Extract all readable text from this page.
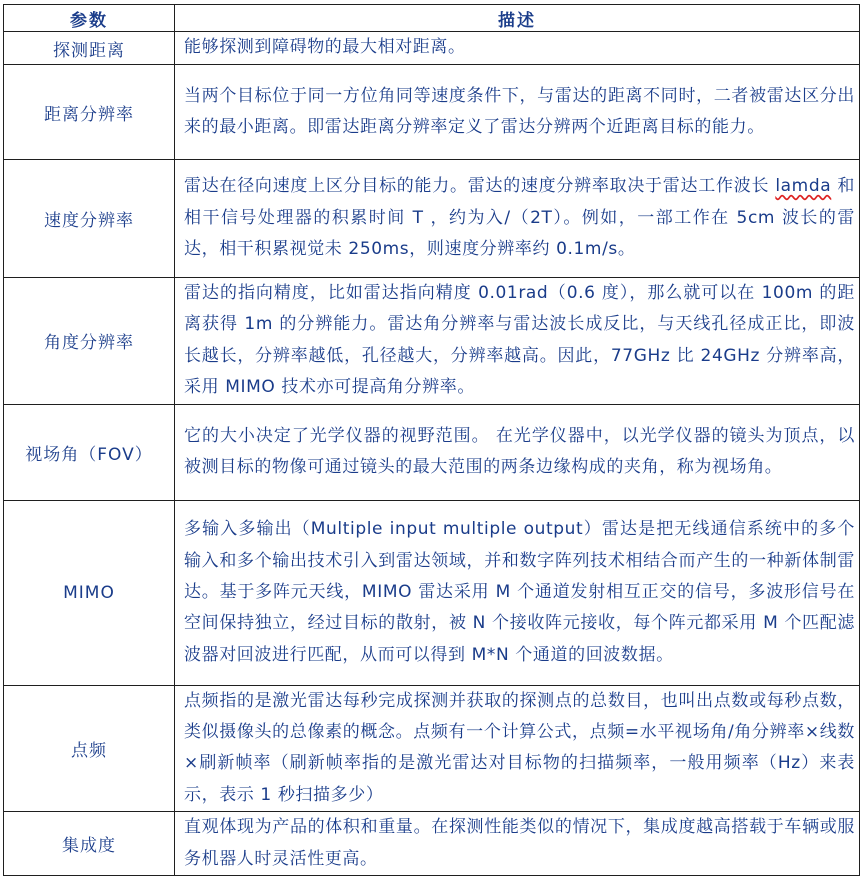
参数	描述
探测距离	能够探测到障碍物的最大相对距离。
距离分辨率	当两个目标位于同一方位角同等速度条件下，与雷达的距离不同时，二者被雷达区分出来的最小距离。即雷达距离分辨率定义了雷达分辨两个近距离目标的能力。
速度分辨率	雷达在径向速度上区分目标的能力。雷达的速度分辨率取决于雷达工作波长 lamda 和相干信号处理器的积累时间 T ，约为入/（2T）。例如，一部工作在 5cm 波长的雷达，相干积累视觉未 250ms，则速度分辨率约 0.1m/s。
角度分辨率	雷达的指向精度，比如雷达指向精度 0.01rad（0.6 度），那么就可以在 100m 的距离获得 1m 的分辨能力。雷达角分辨率与雷达波长成反比，与天线孔径成正比，即波长越长，分辨率越低，孔径越大，分辨率越高。因此，77GHz 比 24GHz 分辨率高，采用 MIMO 技术亦可提高角分辨率。
视场角（FOV）	它的大小决定了光学仪器的视野范围。 在光学仪器中，以光学仪器的镜头为顶点，以被测目标的物像可通过镜头的最大范围的两条边缘构成的夹角，称为视场角。
MIMO	多输入多输出（Multiple input multiple output）雷达是把无线通信系统中的多个输入和多个输出技术引入到雷达领域，并和数字阵列技术相结合而产生的一种新体制雷达。基于多阵元天线，MIMO 雷达采用 M 个通道发射相互正交的信号，多波形信号在空间保持独立，经过目标的散射，被 N 个接收阵元接收，每个阵元都采用 M 个匹配滤波器对回波进行匹配，从而可以得到 M*N 个通道的回波数据。
点频	点频指的是激光雷达每秒完成探测并获取的探测点的总数目，也叫出点数或每秒点数，类似摄像头的总像素的概念。点频有一个计算公式，点频=水平视场角/角分辨率×线数×刷新帧率（刷新帧率指的是激光雷达对目标物的扫描频率，一般用频率（Hz）来表示，表示 1 秒扫描多少）
集成度	直观体现为产品的体积和重量。在探测性能类似的情况下，集成度越高搭载于车辆或服务机器人时灵活性更高。
